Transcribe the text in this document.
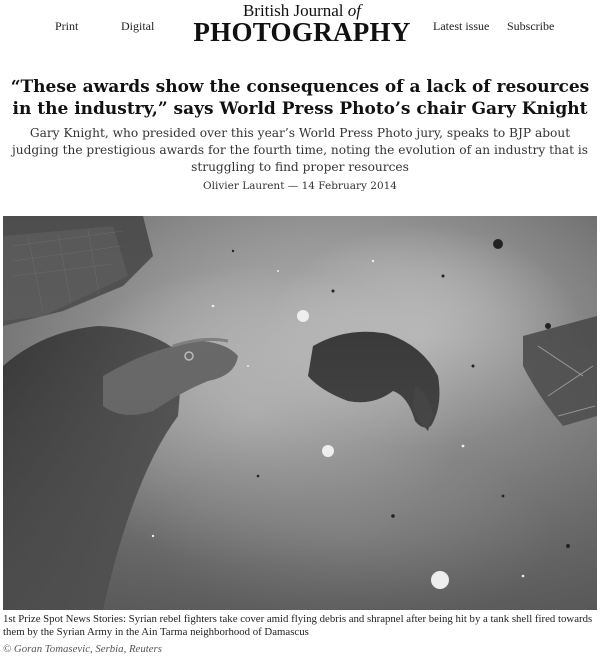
Print	Digital
British Journal of
PHOTOGRAPHY	Latest issue Subscribe
“These awards show the consequences of a lack of resources in the industry,” says World Press Photo’s chair Gary Knight

Gary Knight, who presided over this year’s World Press Photo jury, speaks to BJP about judging the prestigious awards for the fourth time, noting the evolution of an industry that is struggling to find proper resources

Olivier Laurent — 14 February 2014

1st Prize Spot News Stories: Syrian rebel fighters take cover amid flying debris and shrapnel after being hit by a tank shell fired towards them by the Syrian Army in the Ain Tarma neighborhood of Damascus

© Goran Tomasevic, Serbia, Reuters
